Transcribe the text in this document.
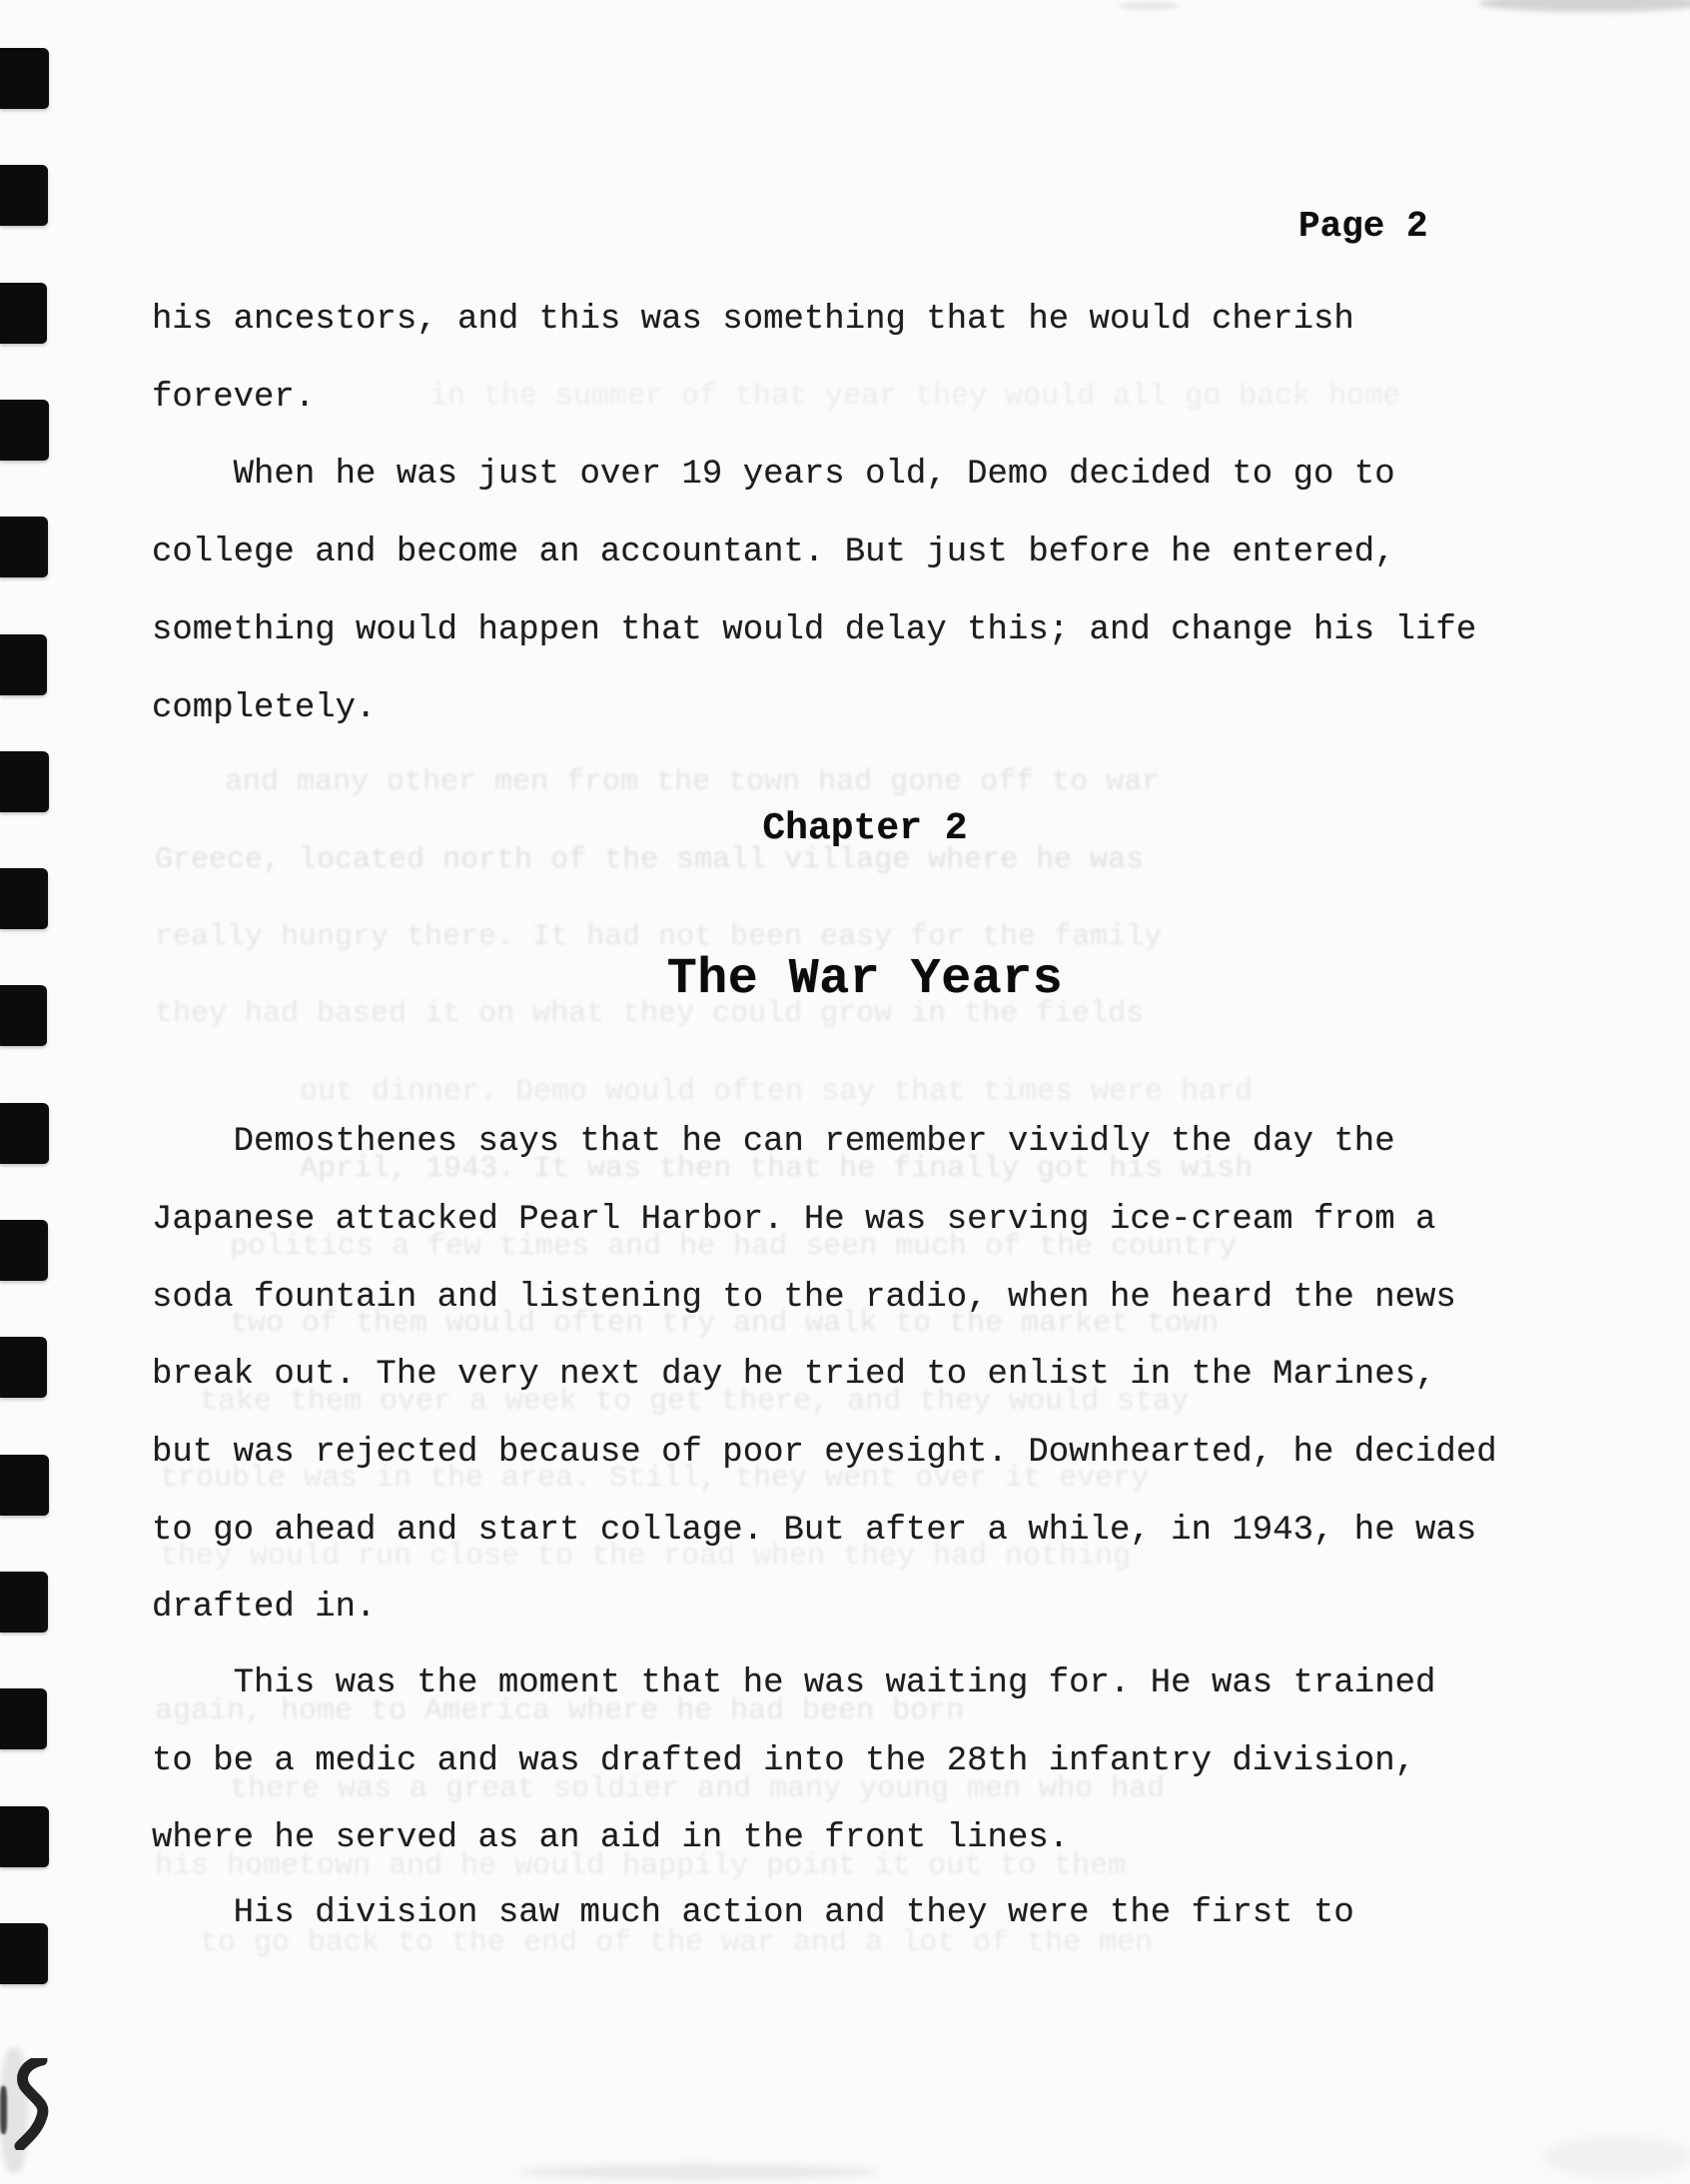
Page 2
in the summer of that year they would all go back home
and many other men from the town had gone off to war
Greece, located north of the small village where he was
really hungry there. It had not been easy for the family
they had based it on what they could grow in the fields
out dinner. Demo would often say that times were hard
April, 1943. It was then that he finally got his wish
politics a few times and he had seen much of the country
two of them would often try and walk to the market town
take them over a week to get there, and they would stay
trouble was in the area. Still, they went over it every
they would run close to the road when they had nothing
again, home to America where he had been born
there was a great soldier and many young men who had
his hometown and he would happily point it out to them
to go back to the end of the war and a lot of the men
his ancestors, and this was something that he would cherish
forever.
When he was just over 19 years old, Demo decided to go to
college and become an accountant. But just before he entered,
something would happen that would delay this; and change his life
completely.
Demosthenes says that he can remember vividly the day the
Japanese attacked Pearl Harbor. He was serving ice-cream from a
soda fountain and listening to the radio, when he heard the news
break out. The very next day he tried to enlist in the Marines,
but was rejected because of poor eyesight. Downhearted, he decided
to go ahead and start collage. But after a while, in 1943, he was
drafted in.
This was the moment that he was waiting for. He was trained
to be a medic and was drafted into the 28th infantry division,
where he served as an aid in the front lines.
His division saw much action and they were the first to
Chapter 2
The War Years
